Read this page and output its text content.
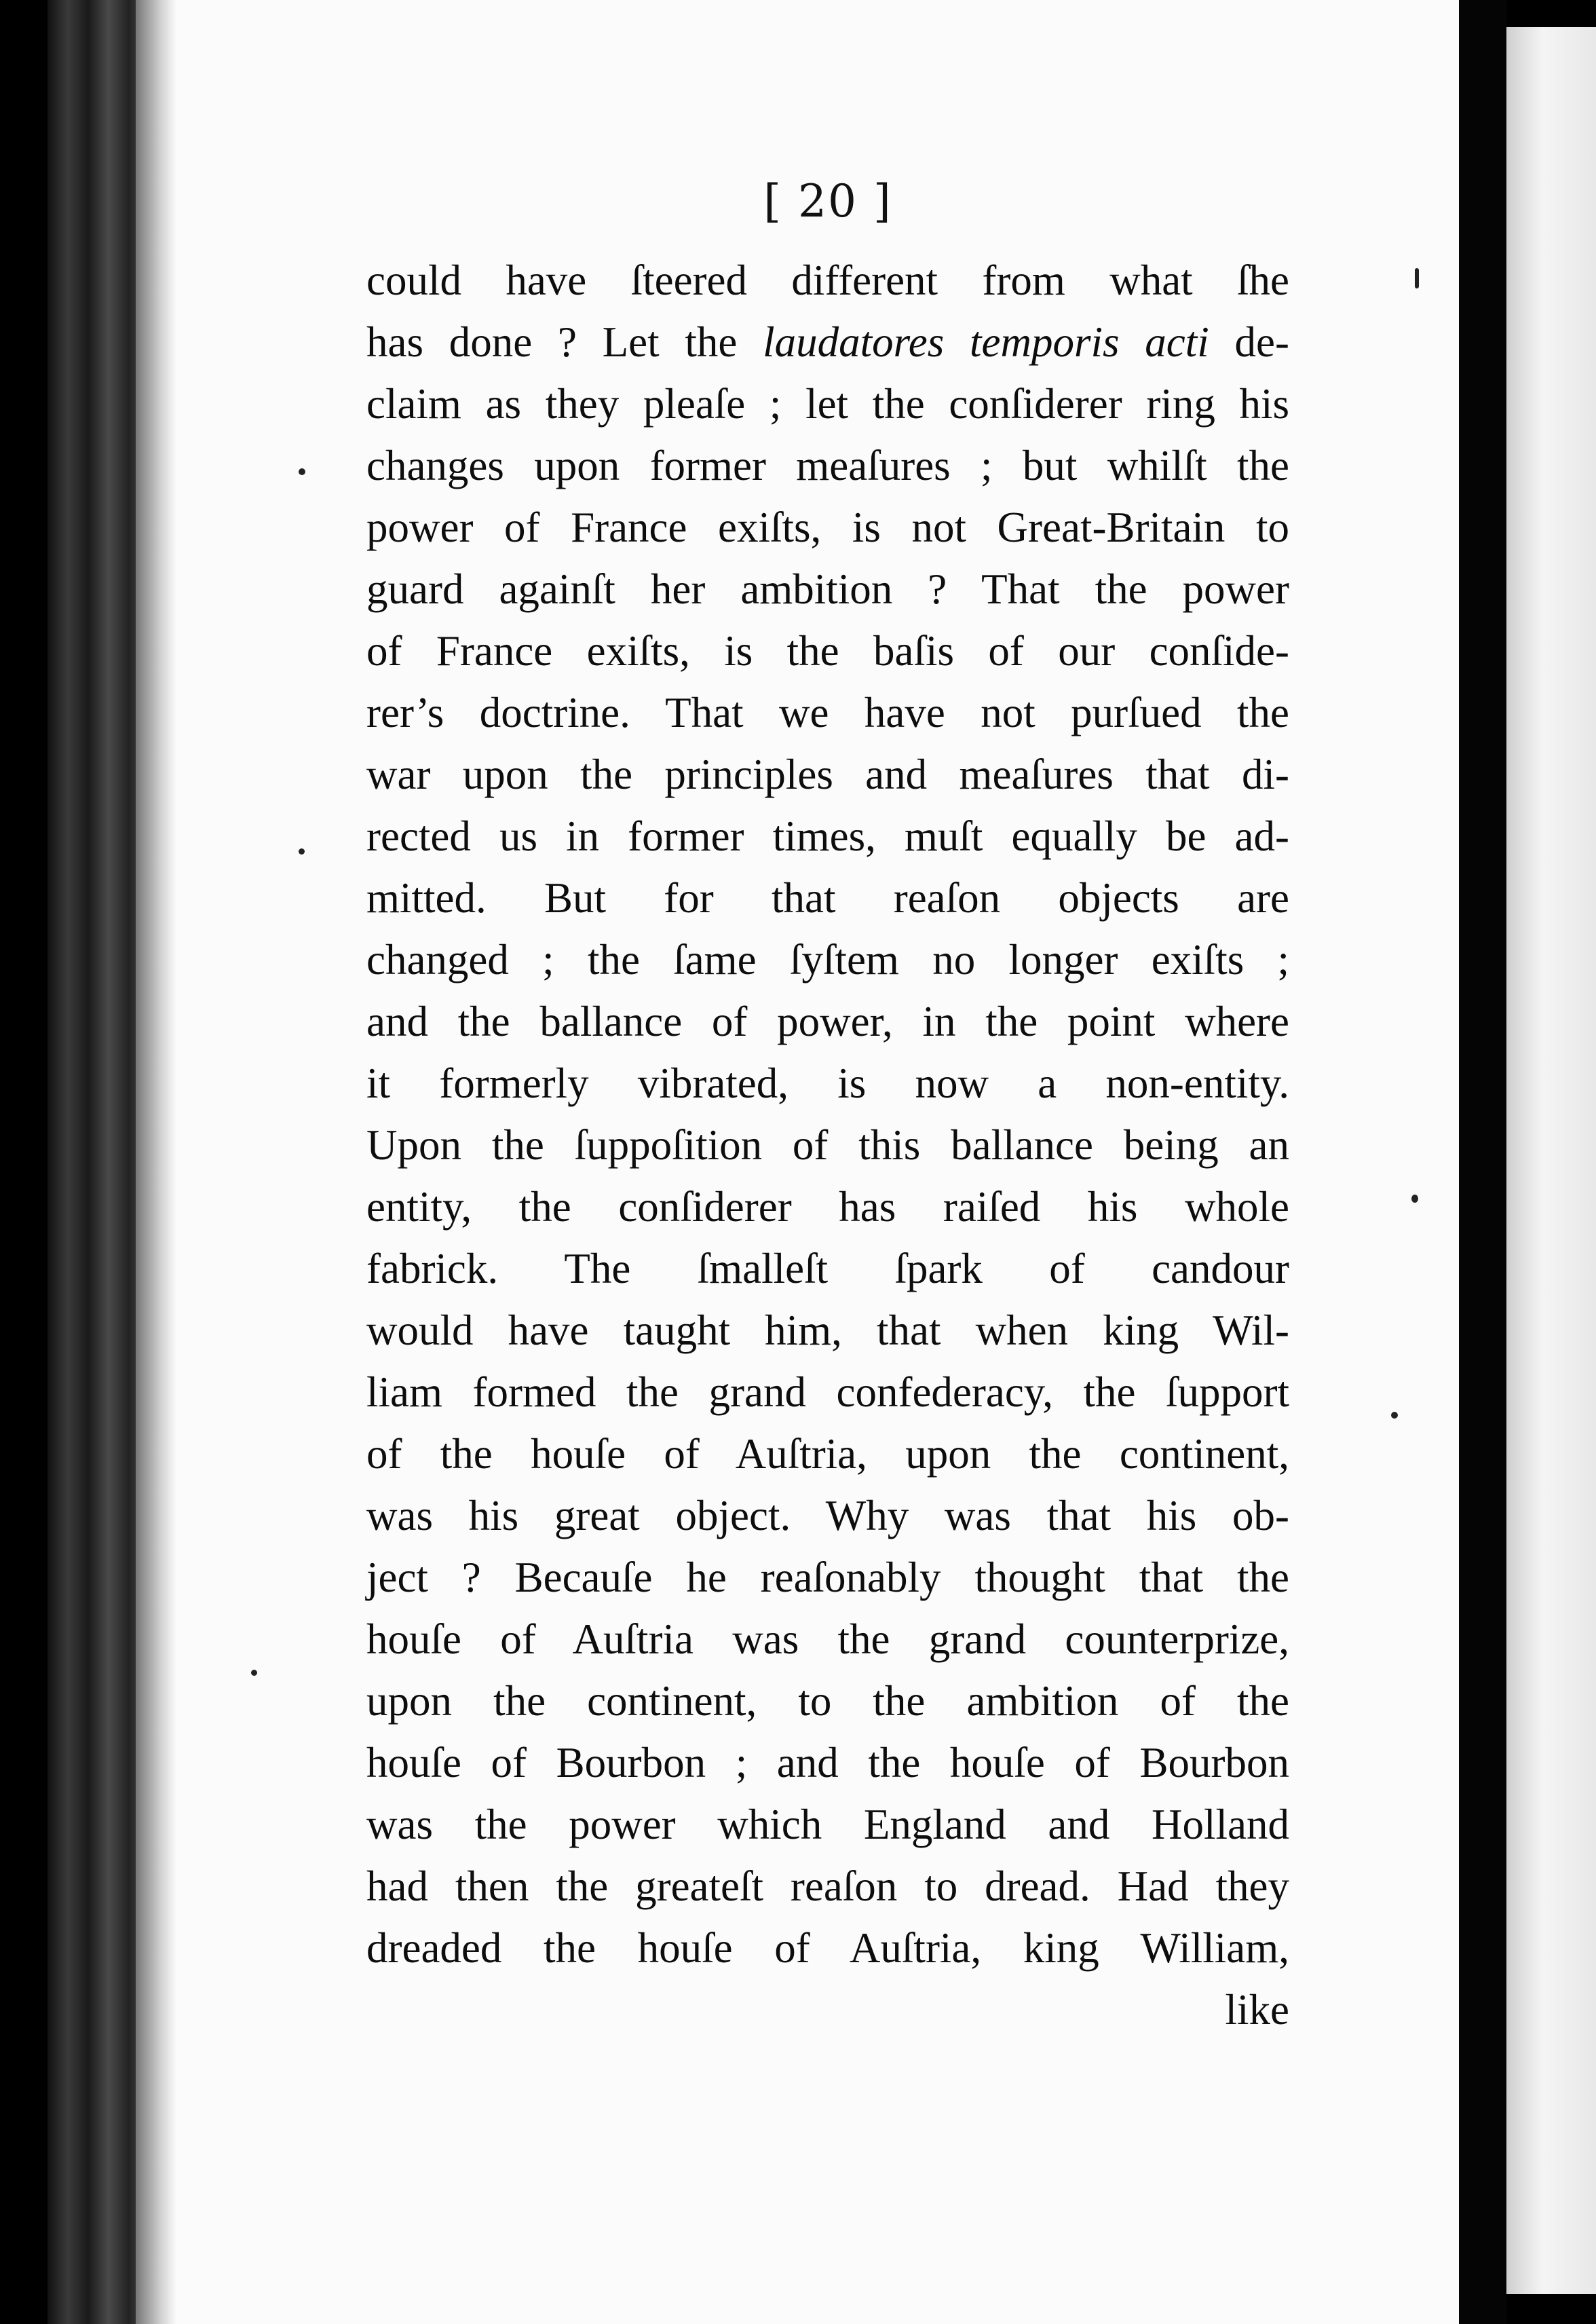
[ 20 ]
could have ſteered different from what ſhe
has done ? Let the laudatores temporis acti de-
claim as they pleaſe ; let the conſiderer ring his
changes upon former meaſures ; but whilſt the
power of France exiſts, is not Great-Britain to
guard againſt her ambition ? That the power
of France exiſts, is the baſis of our conſide-
rer’s doctrine. That we have not purſued the
war upon the principles and meaſures that di-
rected us in former times, muſt equally be ad-
mitted. But for that reaſon objects are
changed ; the ſame ſyſtem no longer exiſts ;
and the ballance of power, in the point where
it formerly vibrated, is now a non-entity.
Upon the ſuppoſition of this ballance being an
entity, the conſiderer has raiſed his whole
fabrick. The ſmalleſt ſpark of candour
would have taught him, that when king Wil-
liam formed the grand confederacy, the ſupport
of the houſe of Auſtria, upon the continent,
was his great object. Why was that his ob-
ject ? Becauſe he reaſonably thought that the
houſe of Auſtria was the grand counterprize,
upon the continent, to the ambition of the
houſe of Bourbon ; and the houſe of Bourbon
was the power which England and Holland
had then the greateſt reaſon to dread. Had they
dreaded the houſe of Auſtria, king William,
like
